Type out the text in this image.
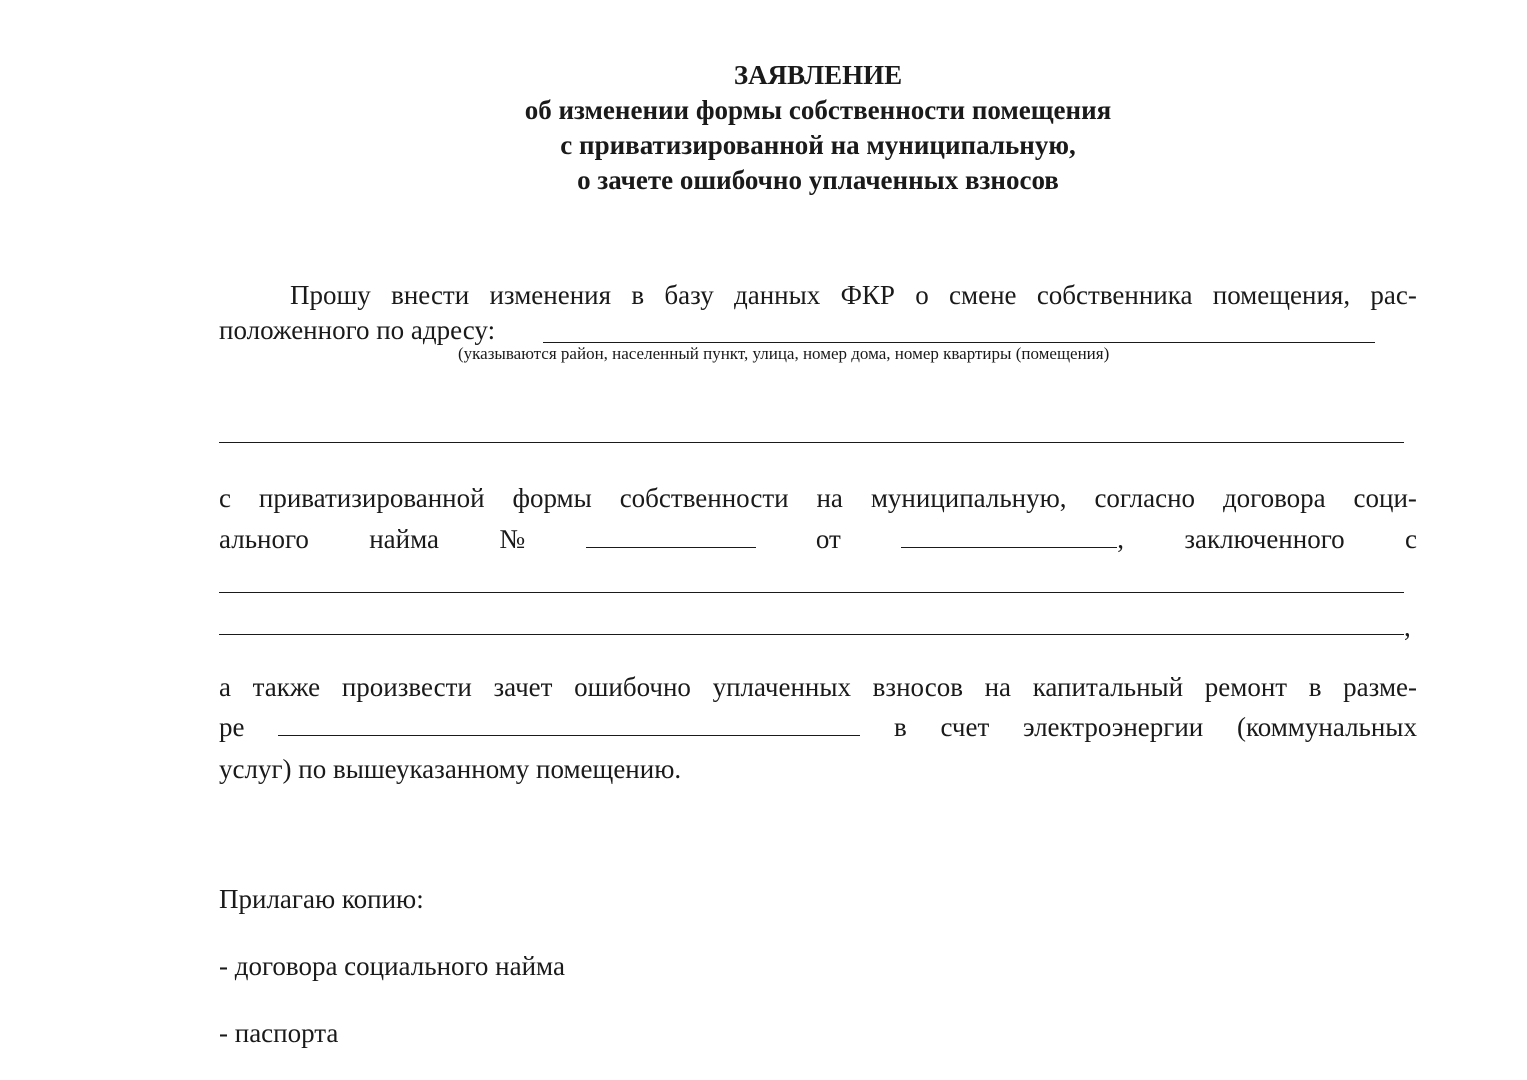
ЗАЯВЛЕНИЕ
об изменении формы собственности помещения
с приватизированной на муниципальную,
о зачете ошибочно уплаченных взносов
Прошу внести изменения в базу данных ФКР о смене собственника помещения, рас-
положенного по адресу:
(указываются район, населенный пункт, улица, номер дома, номер квартиры (помещения)
с приватизированной формы собственности на муниципальную, согласно договора соци-
ального найма №	от	, заключенного с
,
а также произвести зачет ошибочно уплаченных взносов на капитальный ремонт в разме-
ре	в счет электроэнергии (коммунальных
услуг) по вышеуказанному помещению.
Прилагаю копию:
- договора социального найма
- паспорта
